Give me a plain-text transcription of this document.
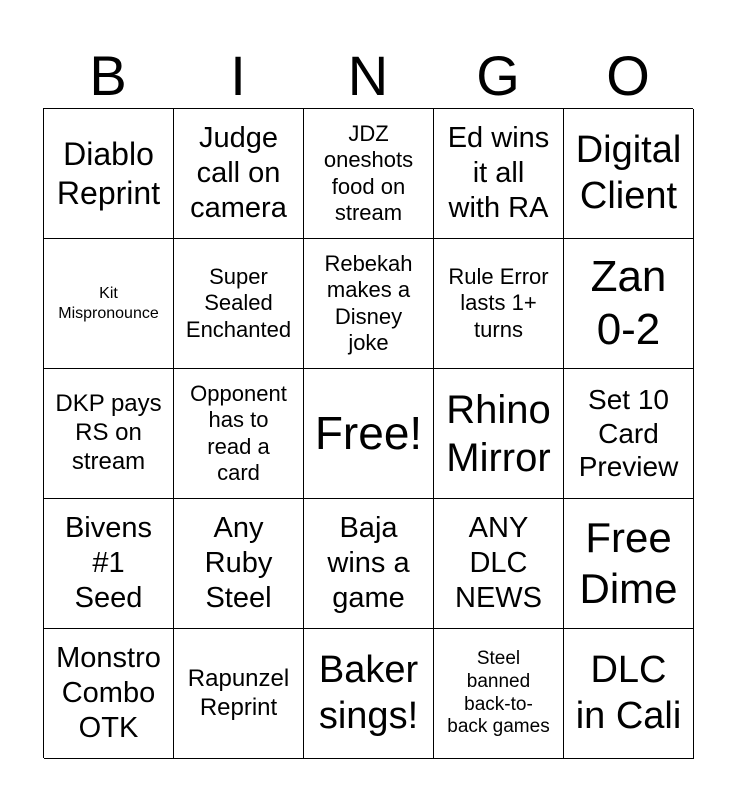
B	I	N	G	O
Diablo
Reprint
Judge
call on
camera
JDZ
oneshots
food on
stream
Ed wins
it all
with RA
Digital
Client
Kit
Mispronounce
Super
Sealed
Enchanted
Rebekah
makes a
Disney
joke
Rule Error
lasts 1+
turns
Zan
0-2
DKP pays
RS on
stream
Opponent
has to
read a
card
Free! Rhino
Mirror
Set 10
Card
Preview
Bivens
#1
Seed
Any
Ruby
Steel
Baja
wins a
game
ANY
DLC
NEWS
Free
Dime
Monstro
Combo
OTK
Rapunzel
Reprint
Baker
sings!
Steel
banned
back-to-
back games
DLC
in Cali
